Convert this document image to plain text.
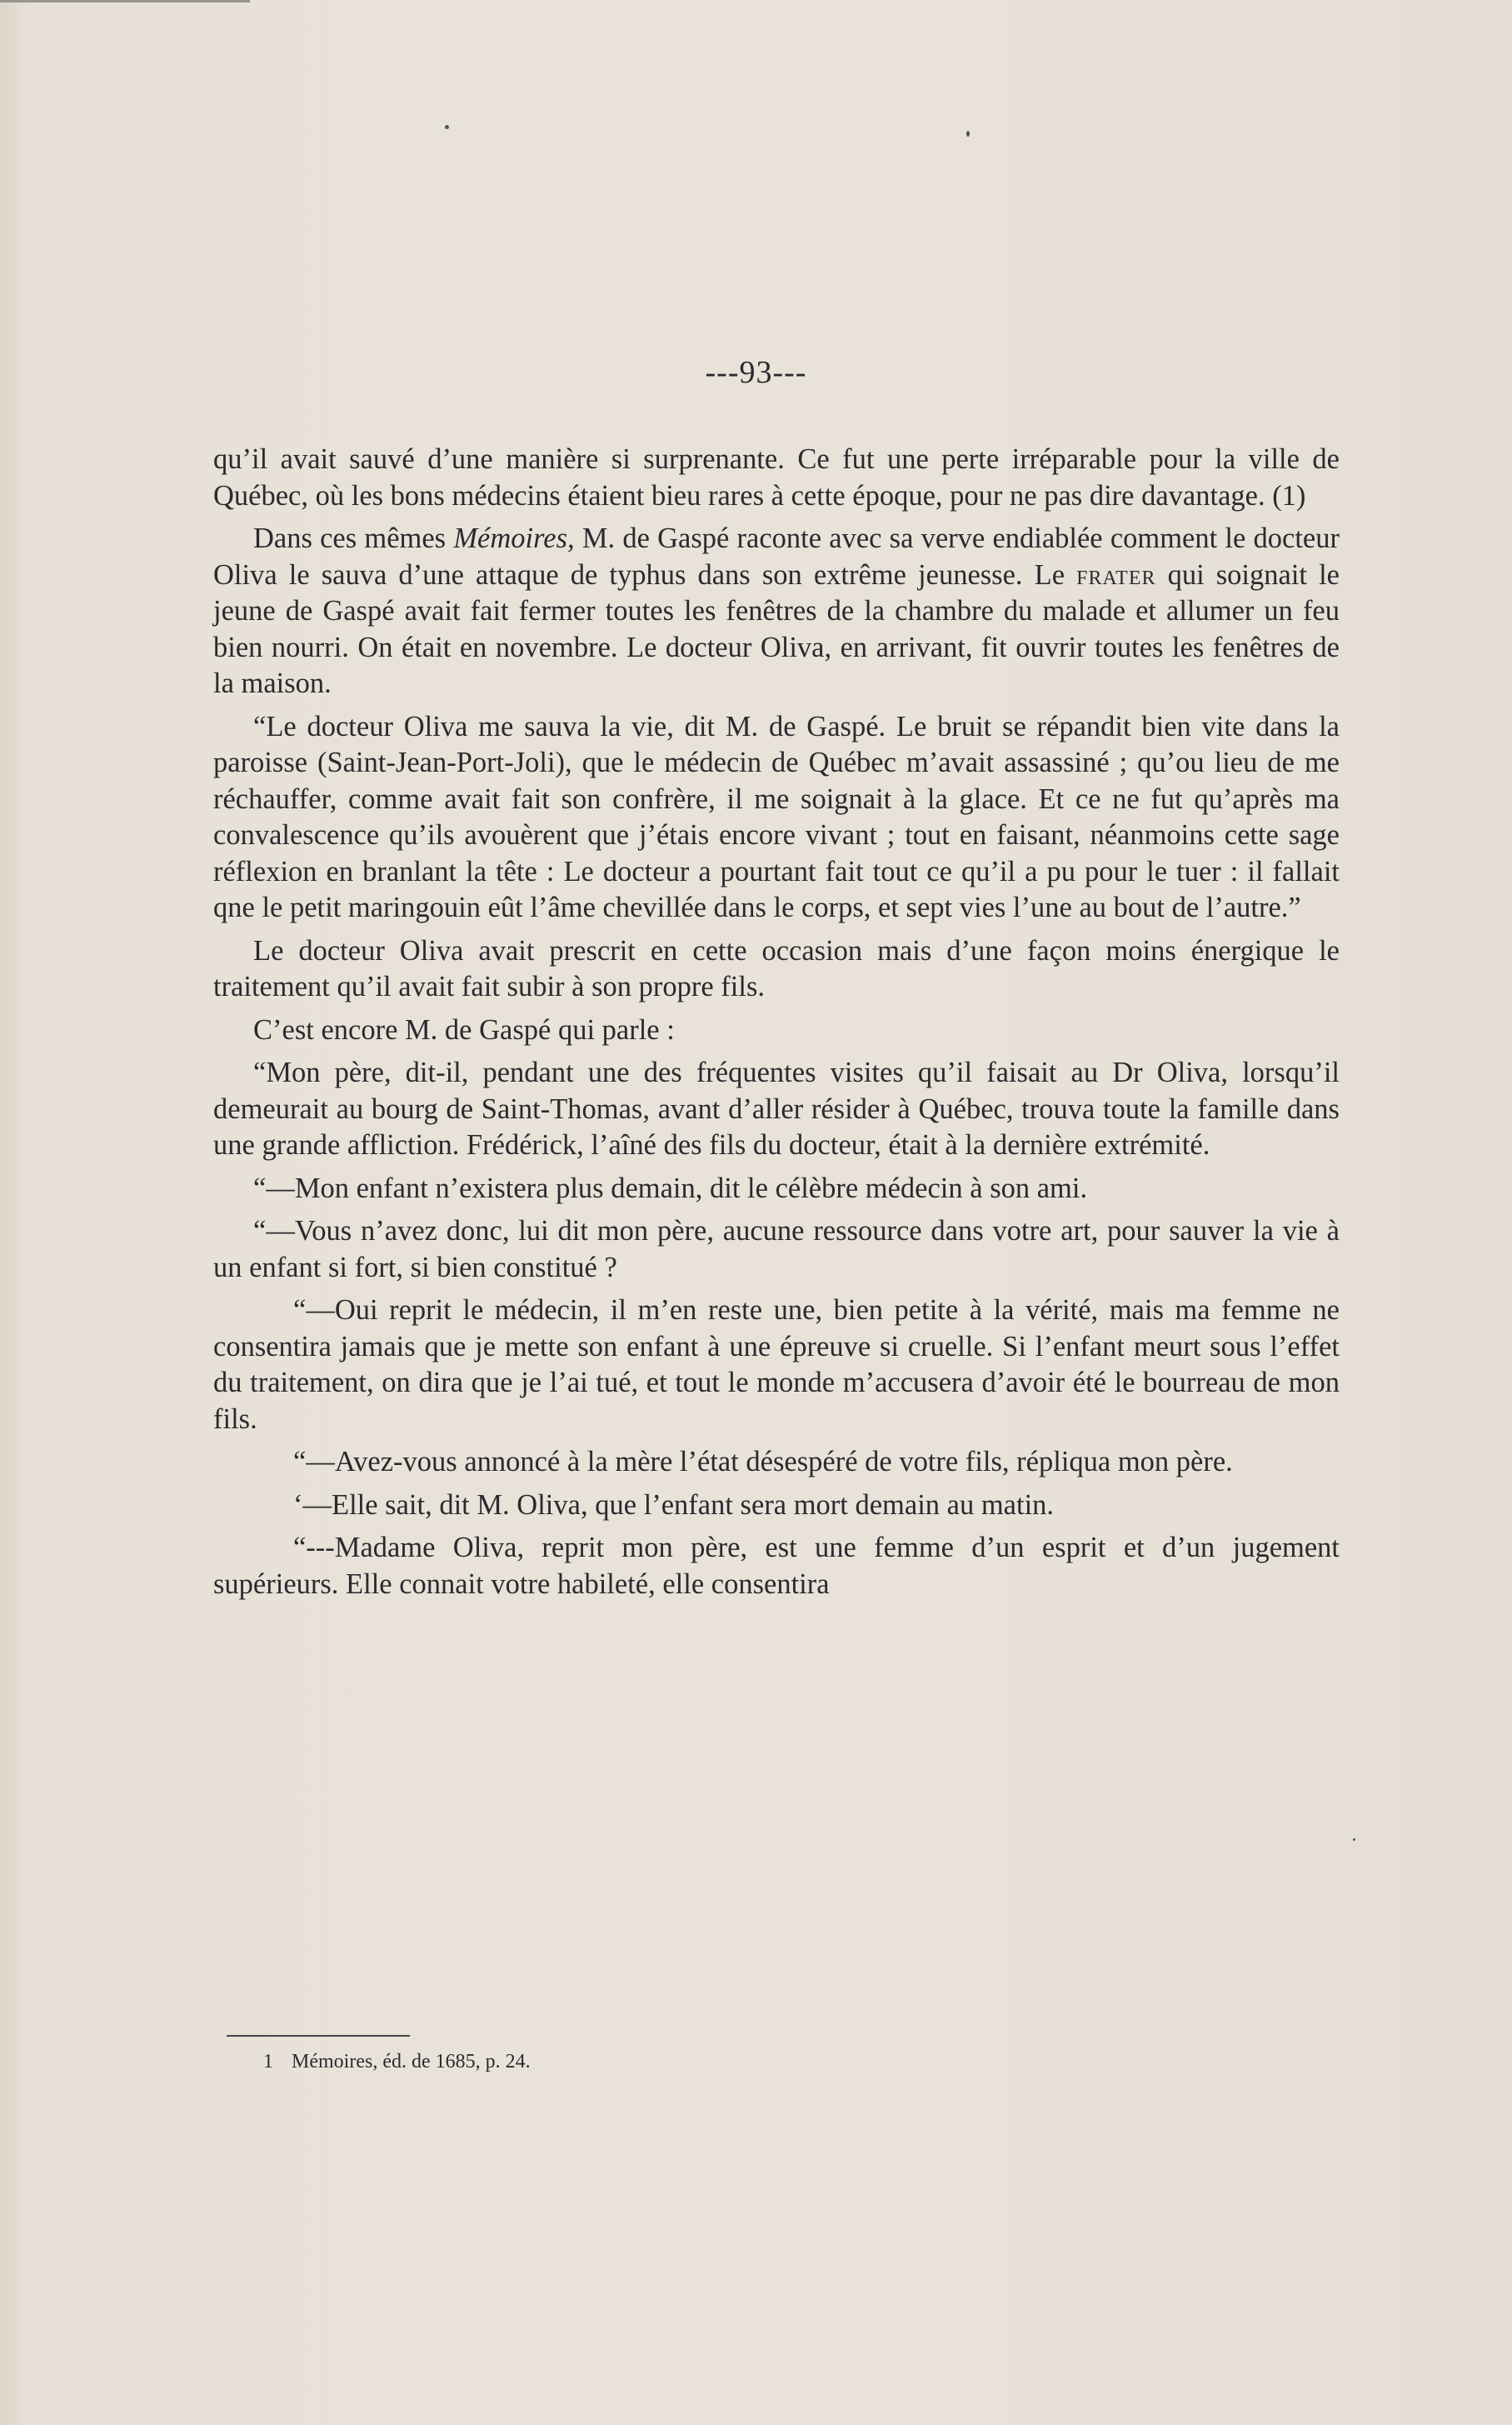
---93---

qu’il avait sauvé d’une manière si surprenante. Ce fut une perte irréparable pour la ville de Québec, où les bons médecins étaient bieu rares à cette époque, pour ne pas dire davantage. (1)

Dans ces mêmes Mémoires, M. de Gaspé raconte avec sa verve endiablée comment le docteur Oliva le sauva d’une attaque de typhus dans son extrême jeunesse. Le frater qui soignait le jeune de Gaspé avait fait fermer toutes les fenêtres de la chambre du malade et allumer un feu bien nourri. On était en novembre. Le docteur Oliva, en arrivant, fit ouvrir toutes les fenêtres de la maison.

“Le docteur Oliva me sauva la vie, dit M. de Gaspé. Le bruit se répandit bien vite dans la paroisse (Saint-Jean-Port-Joli), que le médecin de Québec m’avait assassiné ; qu’ou lieu de me réchauffer, comme avait fait son confrère, il me soignait à la glace. Et ce ne fut qu’après ma convalescence qu’ils avouèrent que j’étais encore vivant ; tout en faisant, néanmoins cette sage réflexion en branlant la tête : Le docteur a pourtant fait tout ce qu’il a pu pour le tuer : il fallait qne le petit maringouin eût l’âme chevillée dans le corps, et sept vies l’une au bout de l’autre.”

Le docteur Oliva avait prescrit en cette occasion mais d’une façon moins énergique le traitement qu’il avait fait subir à son propre fils.

C’est encore M. de Gaspé qui parle :

“Mon père, dit-il, pendant une des fréquentes visites qu’il faisait au Dr Oliva, lorsqu’il demeurait au bourg de Saint-Thomas, avant d’aller résider à Québec, trouva toute la famille dans une grande affliction. Frédérick, l’aîné des fils du docteur, était à la dernière extrémité.

“—Mon enfant n’existera plus demain, dit le célèbre médecin à son ami.

“—Vous n’avez donc, lui dit mon père, aucune ressource dans votre art, pour sauver la vie à un enfant si fort, si bien constitué ?

“—Oui reprit le médecin, il m’en reste une, bien petite à la vérité, mais ma femme ne consentira jamais que je mette son enfant à une épreuve si cruelle. Si l’enfant meurt sous l’effet du traitement, on dira que je l’ai tué, et tout le monde m’accusera d’avoir été le bourreau de mon fils.

“—Avez-vous annoncé à la mère l’état désespéré de votre fils, répliqua mon père.

‘—Elle sait, dit M. Oliva, que l’enfant sera mort demain au matin.

“---Madame Oliva, reprit mon père, est une femme d’un esprit et d’un jugement supérieurs. Elle connait votre habileté, elle consentira

1 Mémoires, éd. de 1685, p. 24.
